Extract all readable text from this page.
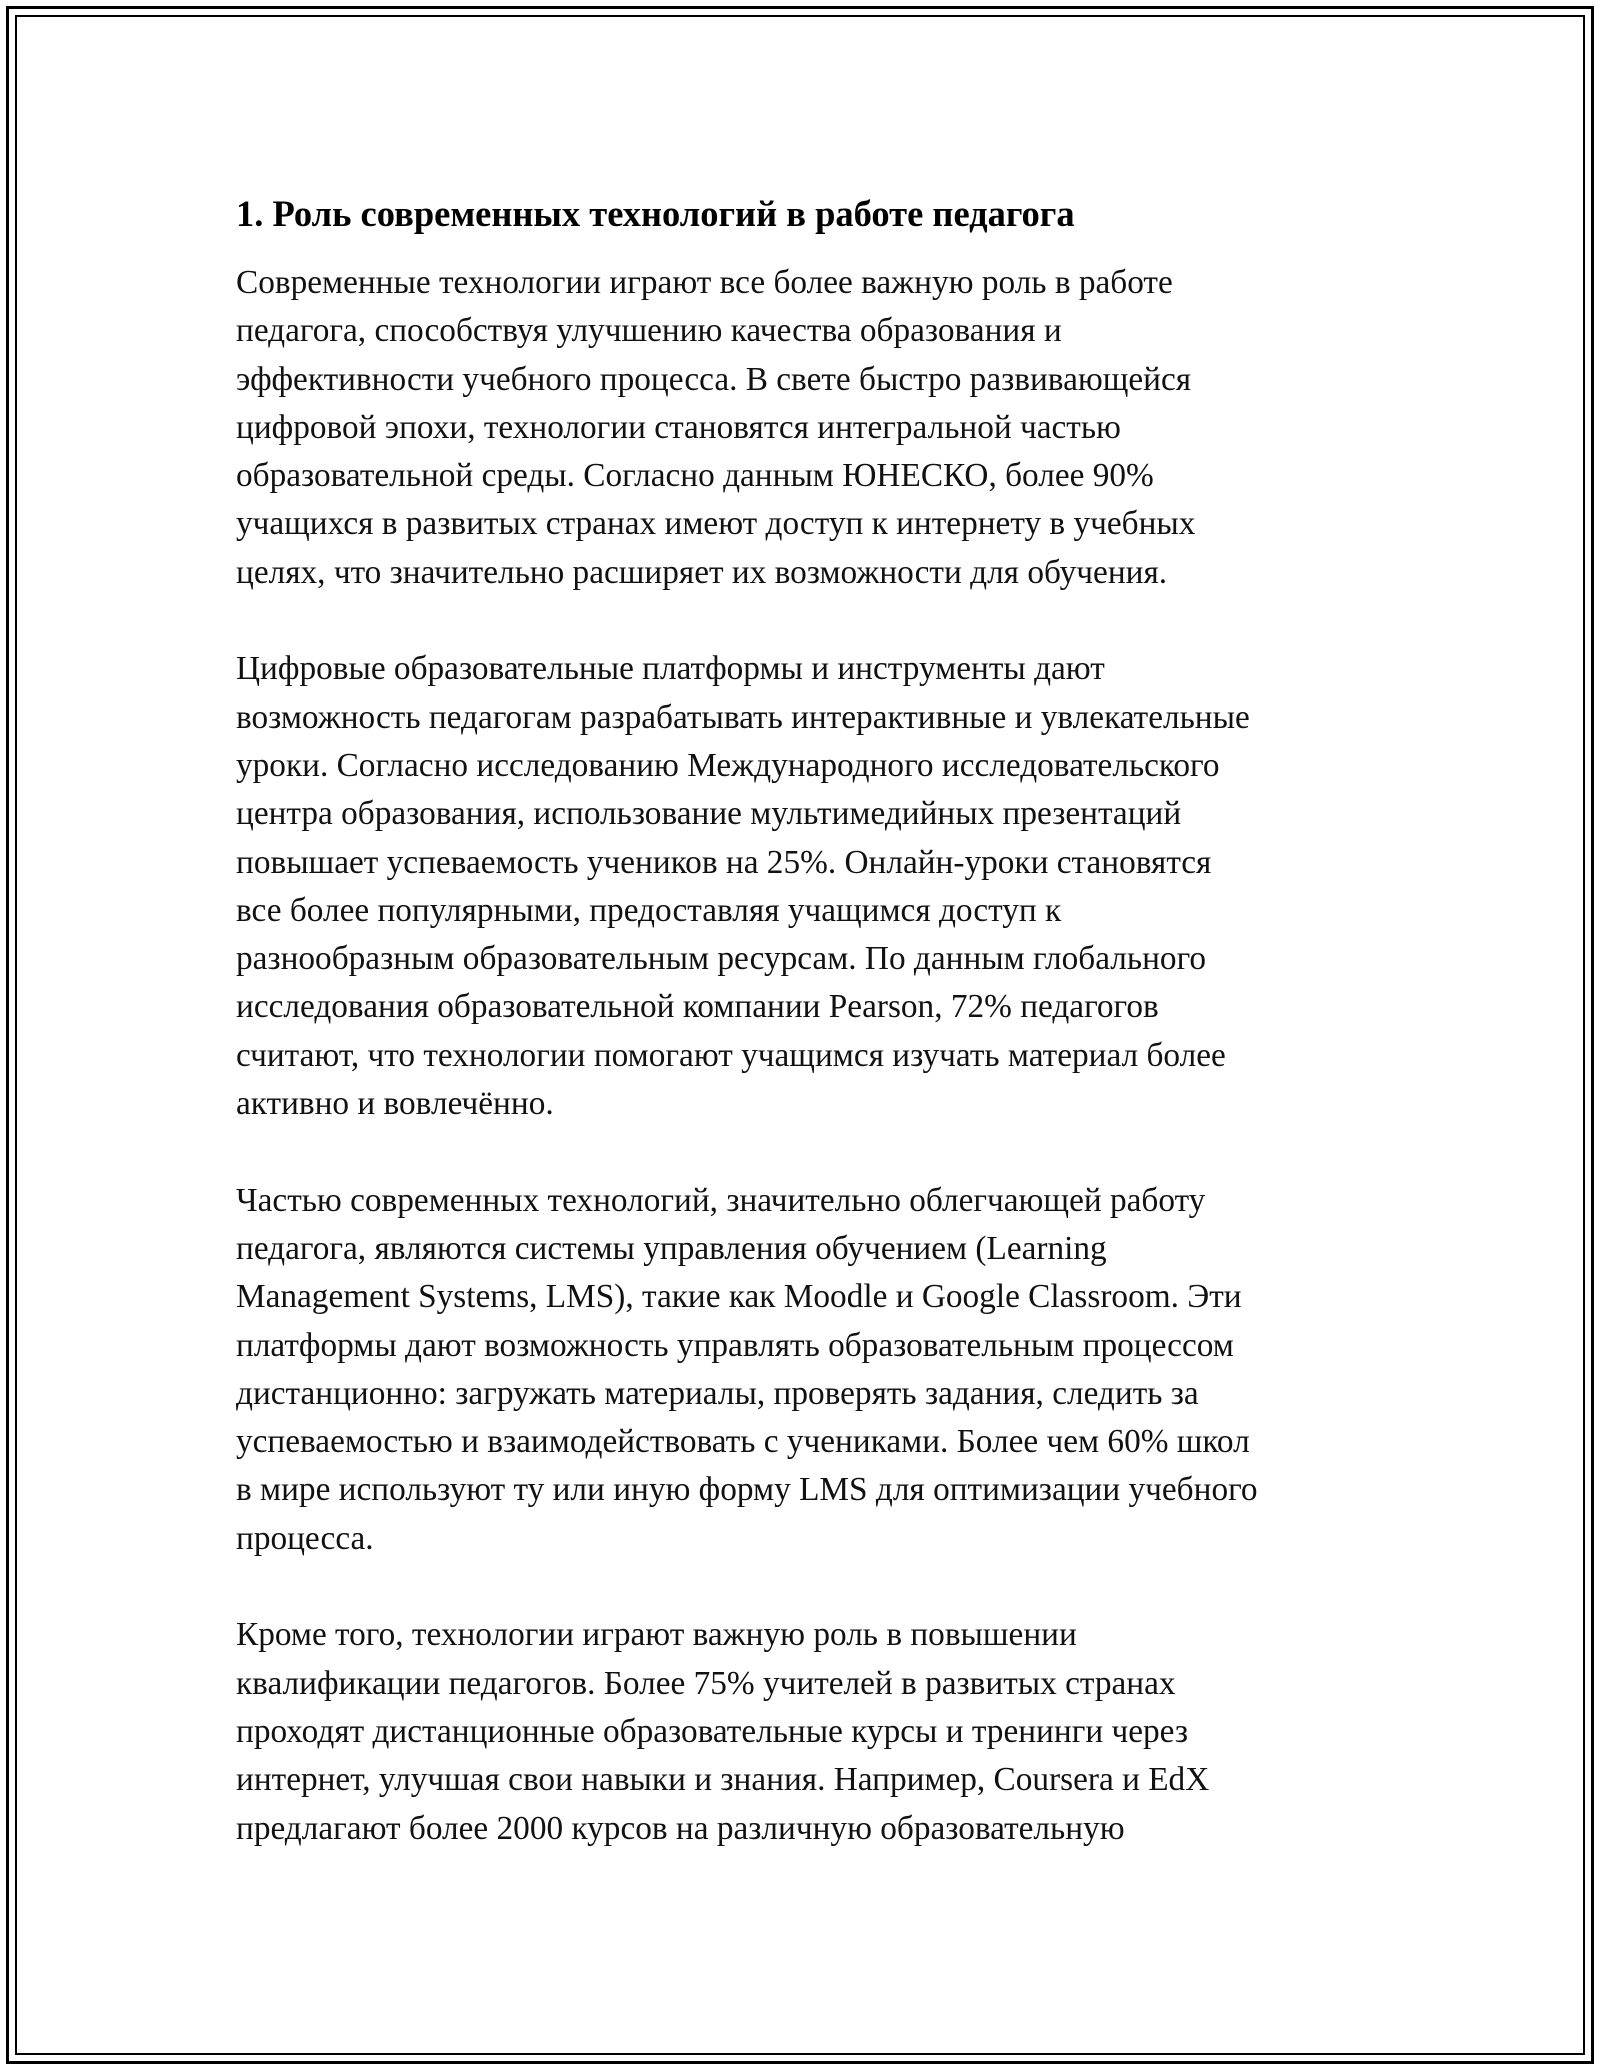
1. Роль современных технологий в работе педагога

Современные технологии играют все более важную роль в работе
педагога, способствуя улучшению качества образования и
эффективности учебного процесса. В свете быстро развивающейся
цифровой эпохи, технологии становятся интегральной частью
образовательной среды. Согласно данным ЮНЕСКО, более 90%
учащихся в развитых странах имеют доступ к интернету в учебных
целях, что значительно расширяет их возможности для обучения.

Цифровые образовательные платформы и инструменты дают
возможность педагогам разрабатывать интерактивные и увлекательные
уроки. Согласно исследованию Международного исследовательского
центра образования, использование мультимедийных презентаций
повышает успеваемость учеников на 25%. Онлайн-уроки становятся
все более популярными, предоставляя учащимся доступ к
разнообразным образовательным ресурсам. По данным глобального
исследования образовательной компании Pearson, 72% педагогов
считают, что технологии помогают учащимся изучать материал более
активно и вовлечённо.

Частью современных технологий, значительно облегчающей работу
педагога, являются системы управления обучением (Learning
Management Systems, LMS), такие как Moodle и Google Classroom. Эти
платформы дают возможность управлять образовательным процессом
дистанционно: загружать материалы, проверять задания, следить за
успеваемостью и взаимодействовать с учениками. Более чем 60% школ
в мире используют ту или иную форму LMS для оптимизации учебного
процесса.

Кроме того, технологии играют важную роль в повышении
квалификации педагогов. Более 75% учителей в развитых странах
проходят дистанционные образовательные курсы и тренинги через
интернет, улучшая свои навыки и знания. Например, Coursera и EdX
предлагают более 2000 курсов на различную образовательную
